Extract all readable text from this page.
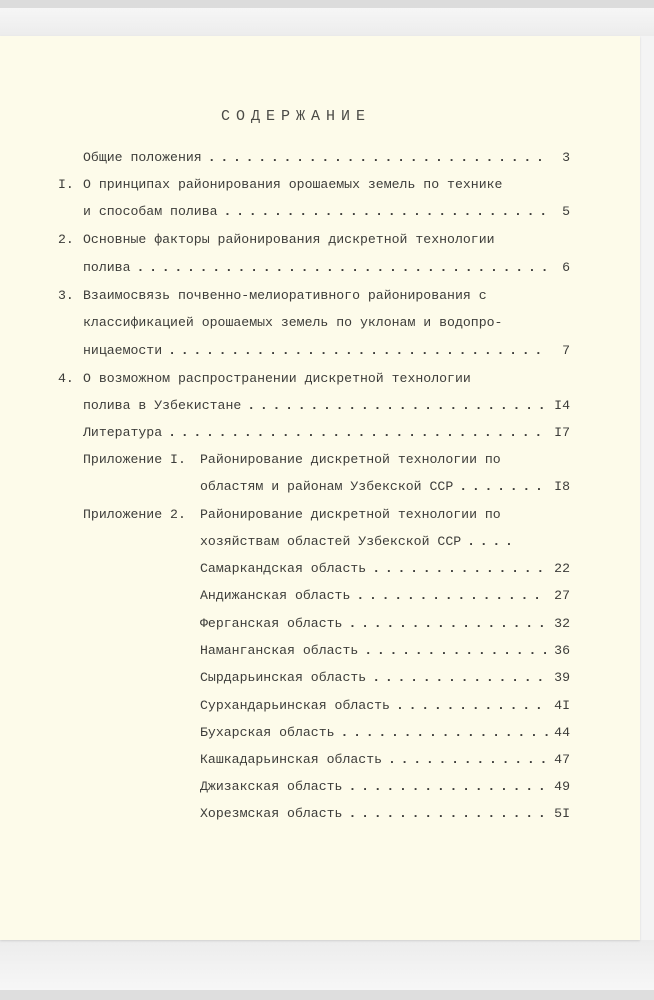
СОДЕРЖАНИЕ
Общие положения . . .	3
I. О принципах районирования орошаемых земель по технике
и способам полива . . .	5
2. Основные факторы районирования дискретной технологии
полива . . .	6
3. Взаимосвязь почвенно-мелиоративного районирования с
классификацией орошаемых земель по уклонам и водопро-
ницаемости . . .	7
4. О возможном распространении дискретной технологии
полива в Узбекистане . . .	I4
Литература . . .	I7
Приложение I. Районирование дискретной технологии по
областям и районам Узбекской ССР . . .	I8
Приложение 2. Районирование дискретной технологии по
хозяйствам областей Узбекской ССР
. . .
Самаркандская область . . .	22
Андижанская область . . .	27
Ферганская область . . .	32
Наманганская область . . .	36
Сырдарьинская область . . .	39
Сурхандарьинская область . . .	4I
Бухарская область . . .	44
Кашкадарьинская область . . .	47
Джизакская область . . .	49
Хорезмская область . . .	5I
